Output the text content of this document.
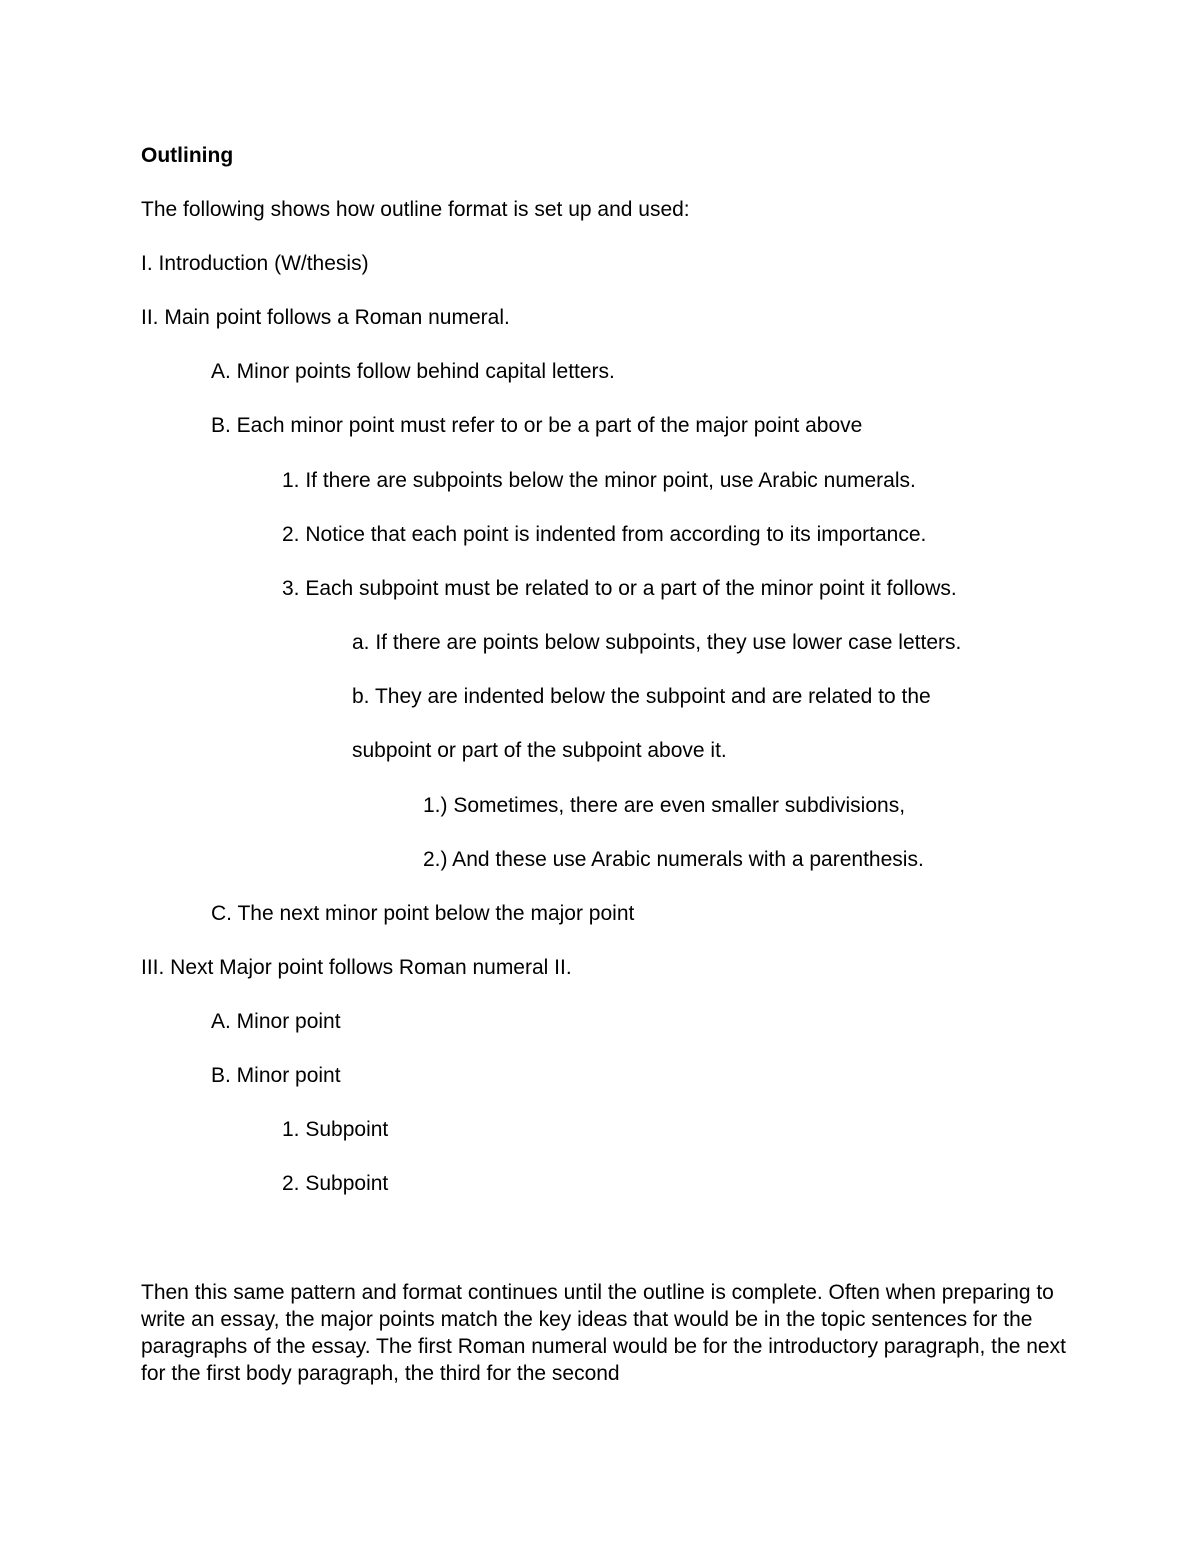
Outlining
The following shows how outline format is set up and used:
I. Introduction (W/thesis)
II. Main point follows a Roman numeral.
A. Minor points follow behind capital letters.
B. Each minor point must refer to or be a part of the major point above
1. If there are subpoints below the minor point, use Arabic numerals.
2. Notice that each point is indented from according to its importance.
3. Each subpoint must be related to or a part of the minor point it follows.
a. If there are points below subpoints, they use lower case letters.
b. They are indented below the subpoint and are related to the
subpoint or part of the subpoint above it.
1.) Sometimes, there are even smaller subdivisions,
2.) And these use Arabic numerals with a parenthesis.
C. The next minor point below the major point
III. Next Major point follows Roman numeral II.
A. Minor point
B. Minor point
1. Subpoint
2. Subpoint
Then this same pattern and format continues until the outline is complete. Often when preparing to write an essay, the major points match the key ideas that would be in the topic sentences for the paragraphs of the essay. The first Roman numeral would be for the introductory paragraph, the next for the first body paragraph, the third for the second
